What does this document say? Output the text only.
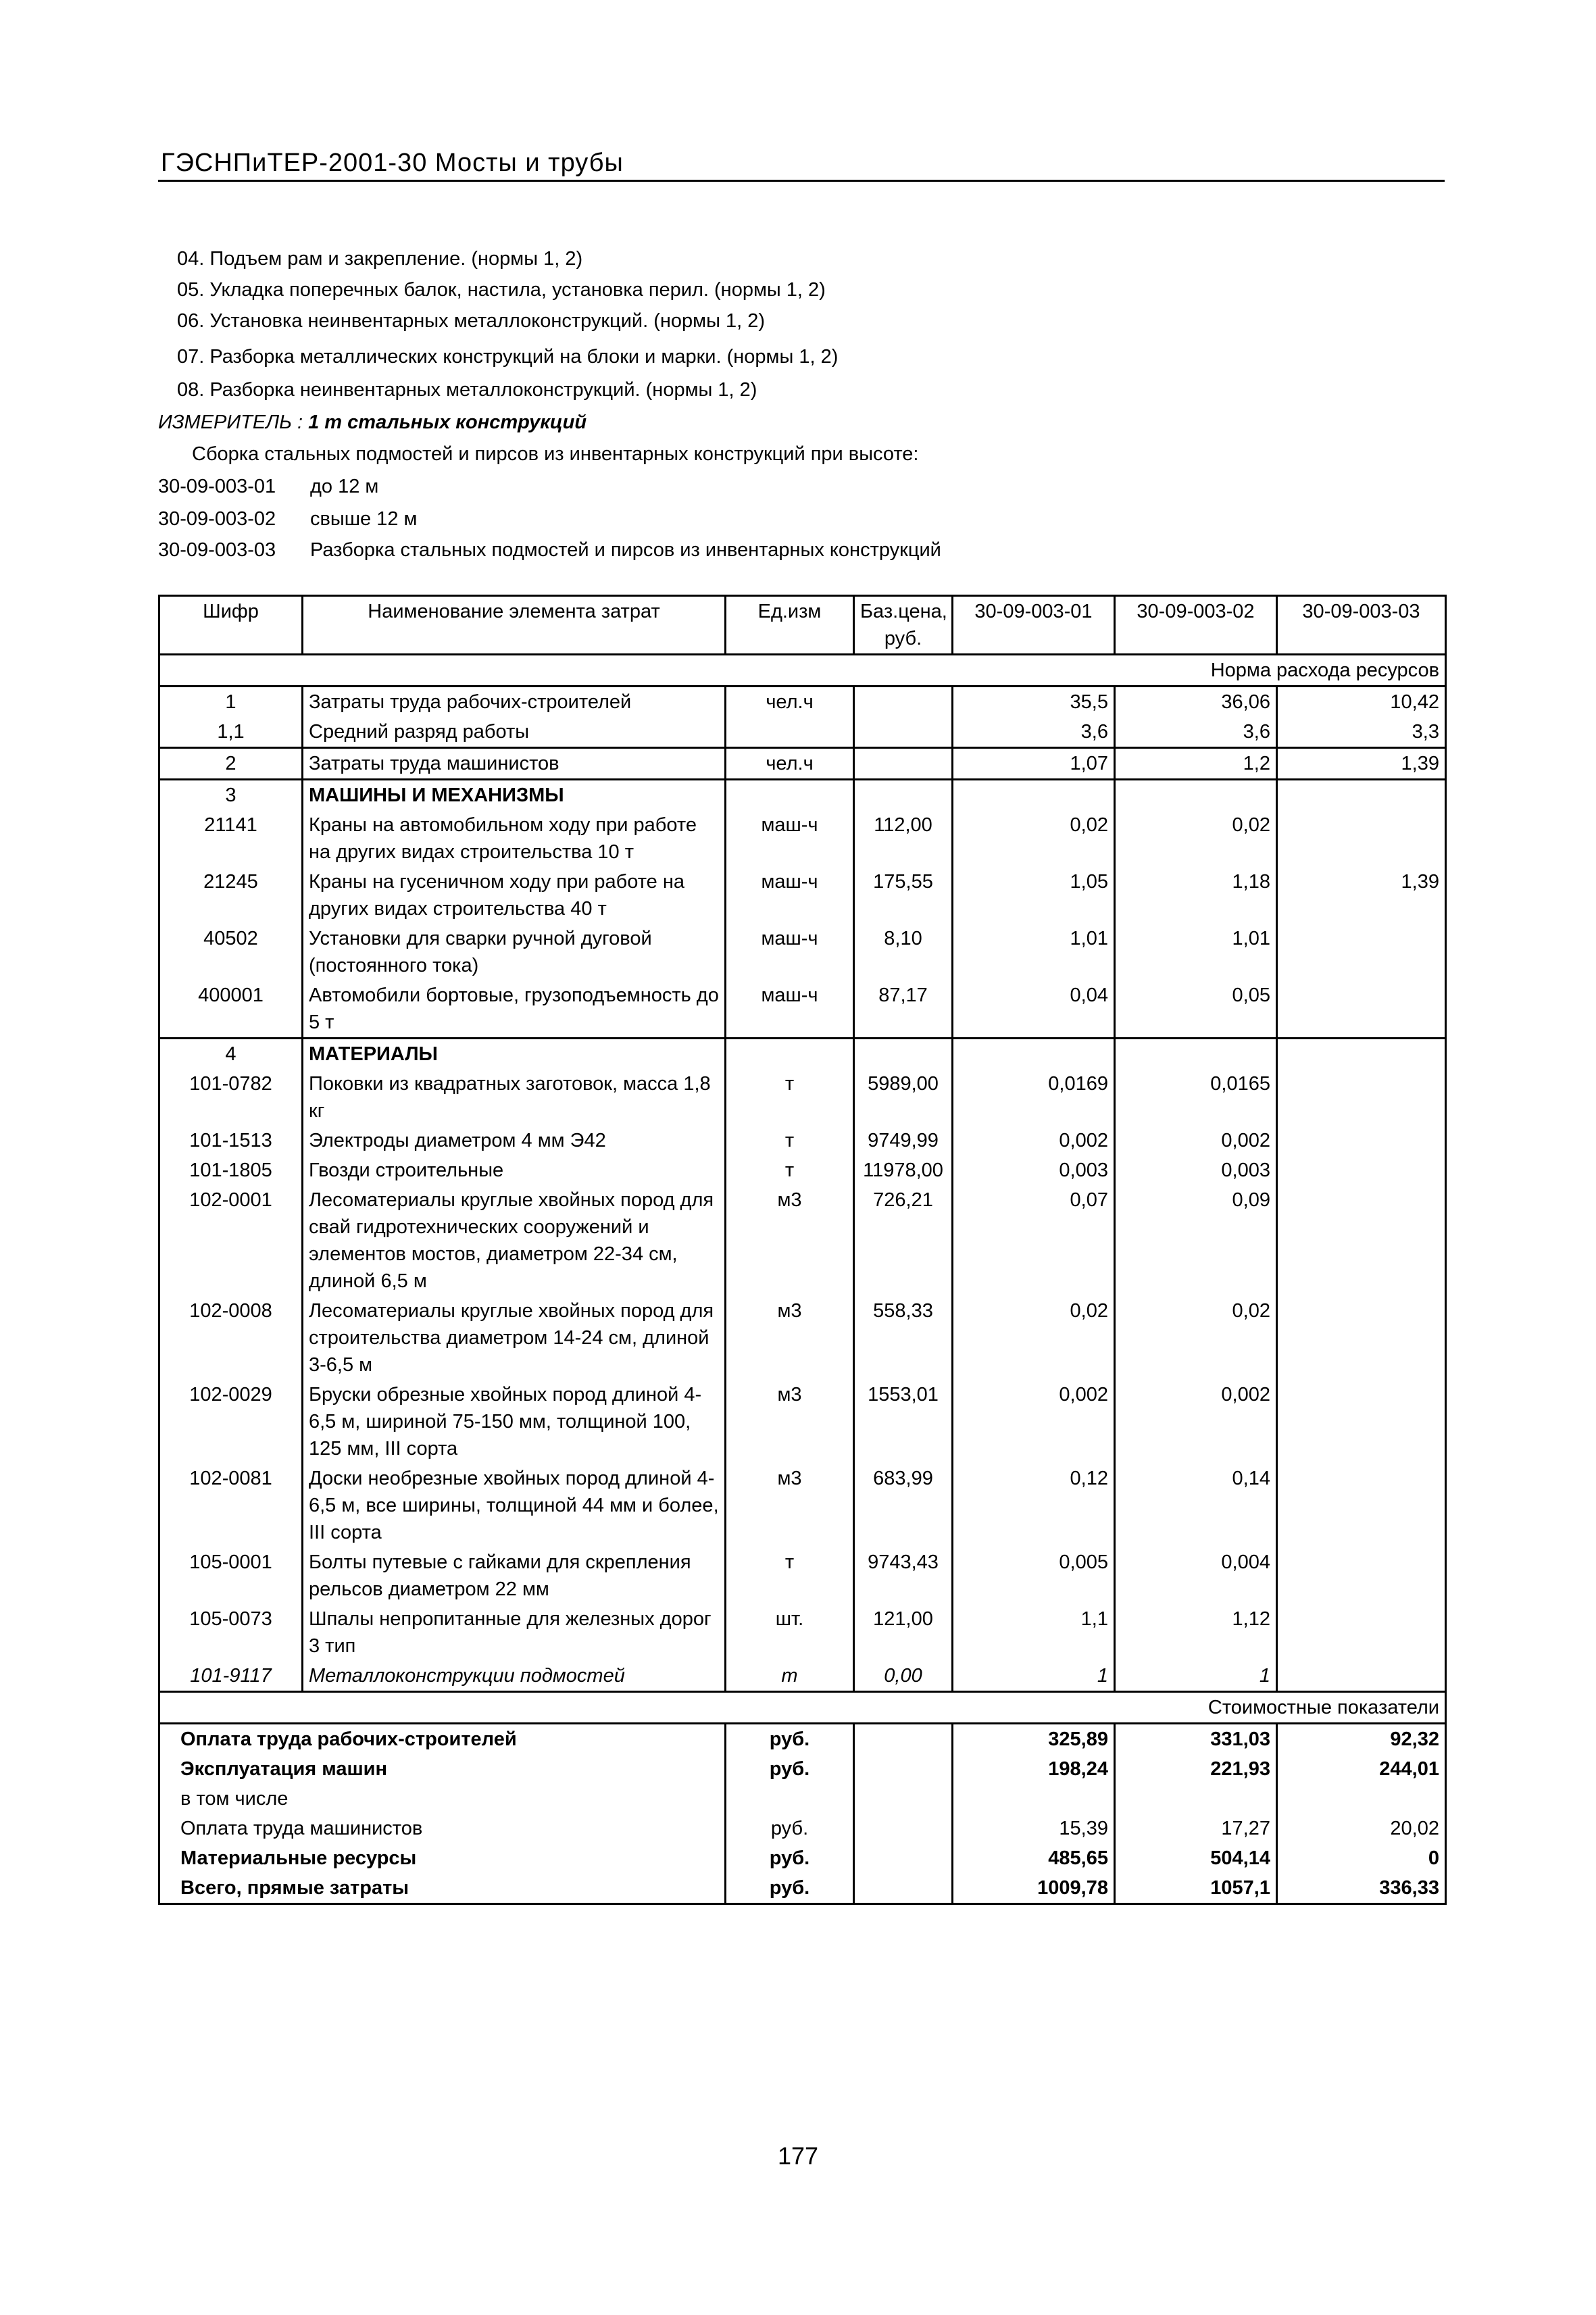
ГЭСНПиТЕР-2001-30 Мосты и трубы
04. Подъем рам и закрепление. (нормы 1, 2)
05. Укладка поперечных балок, настила, установка перил. (нормы 1, 2)
06. Установка неинвентарных металлоконструкций. (нормы 1, 2)
07. Разборка металлических конструкций на блоки и марки. (нормы 1, 2)
08. Разборка неинвентарных металлоконструкций. (нормы 1, 2)
ИЗМЕРИТЕЛЬ : 1 т стальных конструкций
Сборка стальных подмостей и пирсов из инвентарных конструкций при высоте:
30-09-003-01 до 12 м
30-09-003-02 свыше 12 м
30-09-003-03 Разборка стальных подмостей и пирсов из инвентарных конструкций
Шифр	Наименование элемента затрат	Ед.изм	Баз.цена, руб.	30-09-003-01	30-09-003-02	30-09-003-03
Норма расхода ресурсов						
1	Затраты труда рабочих-строителей	чел.ч		35,5	36,06	10,42
1,1	Средний разряд работы			3,6	3,6	3,3
2	Затраты труда машинистов	чел.ч		1,07	1,2	1,39
3	МАШИНЫ И МЕХАНИЗМЫ					
21141	Краны на автомобильном ходу при работе на других видах строительства 10 т	маш-ч	112,00	0,02	0,02	
21245	Краны на гусеничном ходу при работе на других видах строительства 40 т	маш-ч	175,55	1,05	1,18	1,39
40502	Установки для сварки ручной дуговой (постоянного тока)	маш-ч	8,10	1,01	1,01	
400001	Автомобили бортовые, грузоподъемность до 5 т	маш-ч	87,17	0,04	0,05	
4	МАТЕРИАЛЫ					
101-0782	Поковки из квадратных заготовок, масса 1,8 кг	т	5989,00	0,0169	0,0165	
101-1513	Электроды диаметром 4 мм Э42	т	9749,99	0,002	0,002	
101-1805	Гвозди строительные	т	11978,00	0,003	0,003	
102-0001	Лесоматериалы круглые хвойных пород для свай гидротехнических сооружений и элементов мостов, диаметром 22-34 см, длиной 6,5 м	м3	726,21	0,07	0,09	
102-0008	Лесоматериалы круглые хвойных пород для строительства диаметром 14-24 см, длиной 3-6,5 м	м3	558,33	0,02	0,02	
102-0029	Бруски обрезные хвойных пород длиной 4-6,5 м, шириной 75-150 мм, толщиной 100, 125 мм, III сорта	м3	1553,01	0,002	0,002	
102-0081	Доски необрезные хвойных пород длиной 4-6,5 м, все ширины, толщиной 44 мм и более, III сорта	м3	683,99	0,12	0,14	
105-0001	Болты путевые с гайками для скрепления рельсов диаметром 22 мм	т	9743,43	0,005	0,004	
105-0073	Шпалы непропитанные для железных дорог 3 тип	шт.	121,00	1,1	1,12	
101-9117	Металлоконструкции подмостей	т	0,00	1	1	
Стоимостные показатели						
Оплата труда рабочих-строителей		руб.		325,89	331,03	92,32
Эксплуатация машин		руб.		198,24	221,93	244,01
в том числе						
Оплата труда машинистов		руб.		15,39	17,27	20,02
Материальные ресурсы		руб.		485,65	504,14	0
Всего, прямые затраты		руб.		1009,78	1057,1	336,33
177
